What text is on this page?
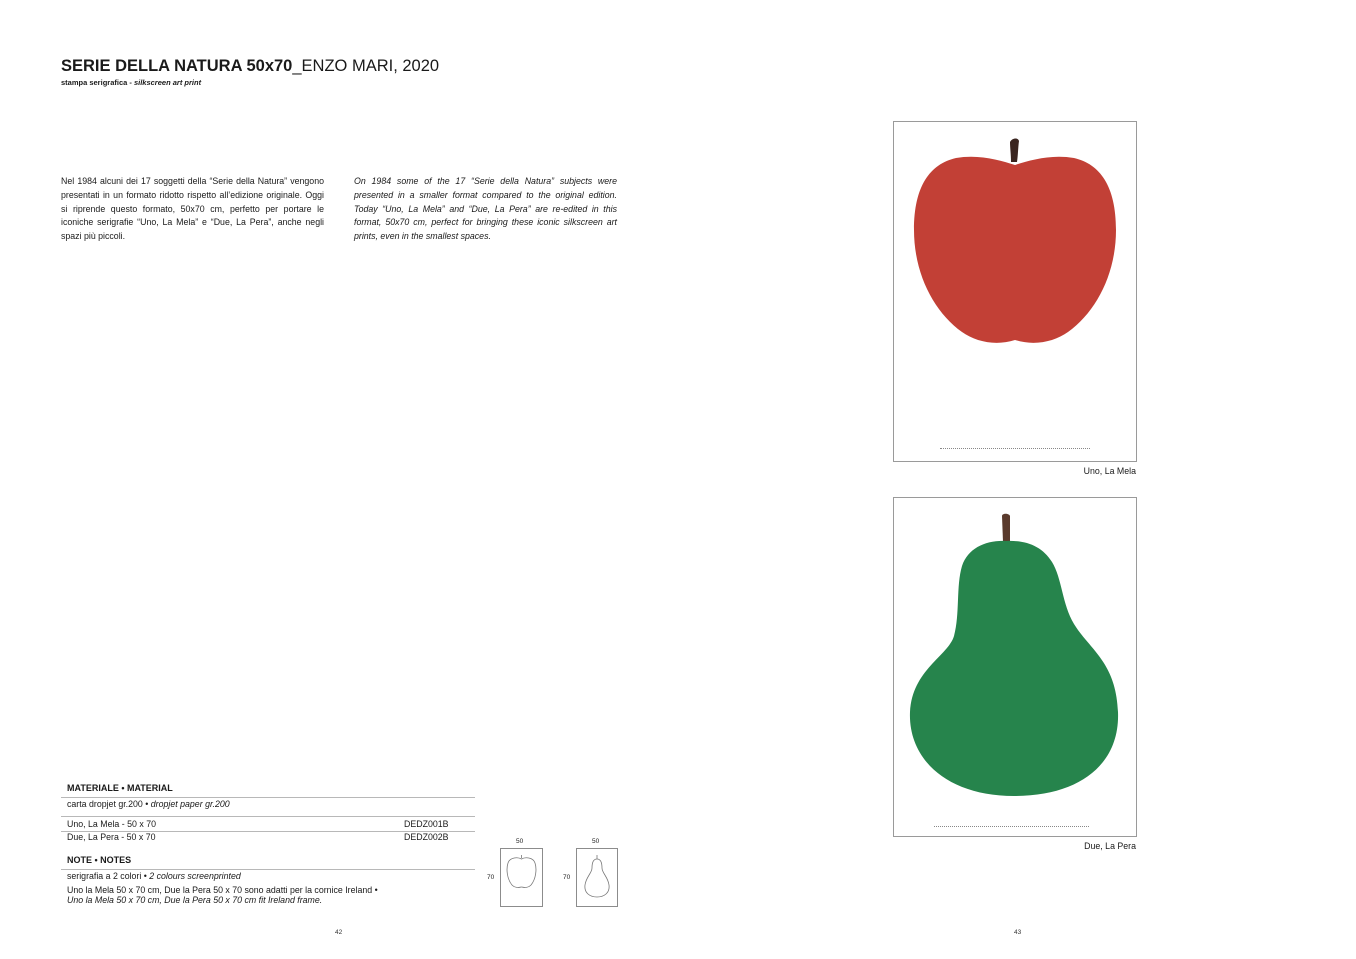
SERIE DELLA NATURA 50x70_ENZO MARI, 2020
stampa serigrafica - silkscreen art print
Nel 1984 alcuni dei 17 soggetti della “Serie della Natura” vengono presentati in un formato ridotto rispetto all’edizione originale. Oggi si riprende questo formato, 50x70 cm, perfetto per portare le iconiche serigrafie “Uno, La Mela” e “Due, La Pera”, anche negli spazi più piccoli.
On 1984 some of the 17 “Serie della Natura” subjects were presented in a smaller format compared to the original edition. Today “Uno, La Mela” and “Due, La Pera” are re-edited in this format, 50x70 cm, perfect for bringing these iconic silkscreen art prints, even in the smallest spaces.
MATERIALE • MATERIAL
carta dropjet gr.200 • dropjet paper gr.200
Uno, La Mela - 50 x 70	DEDZ001B
Due, La Pera - 50 x 70	DEDZ002B
NOTE • NOTES
serigrafia a 2 colori • 2 colours screenprinted
Uno la Mela 50 x 70 cm, Due la Pera 50 x 70 sono adatti per la cornice Ireland •
Uno la Mela 50 x 70 cm, Due la Pera 50 x 70 cm fit Ireland frame.
50
70
50
70
42
Uno, La Mela
Due, La Pera
43
